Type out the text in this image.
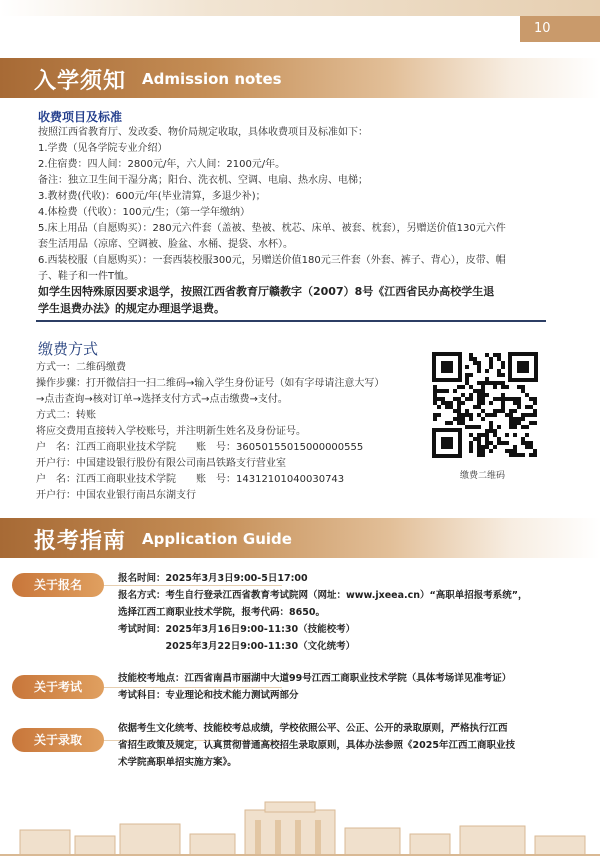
10
入学须知 Admission notes
收费项目及标准
按照江西省教育厅、发改委、物价局规定收取，具体收费项目及标准如下：
1.学费（见各学院专业介绍）
2.住宿费：四人间：2800元/年，六人间：2100元/年。
备注：独立卫生间干湿分离；阳台、洗衣机、空调、电扇、热水房、电梯；
3.教材费(代收)：600元/年(毕业清算，多退少补)；
4.体检费（代收）：100元/生；（第一学年缴纳）
5.床上用品（自愿购买）：280元六件套（盖被、垫被、枕芯、床单、被套、枕套），另赠送价值130元六件
套生活用品（凉席、空调被、脸盆、水桶、提袋、水杯）。
6.西装校服（自愿购买）：一套西装校服300元，另赠送价值180元三件套（外套、裤子、背心），皮带、帽
子、鞋子和一件T恤。
如学生因特殊原因要求退学，按照江西省教育厅赣教字（2007）8号《江西省民办高校学生退
学生退费办法》的规定办理退学退费。
缴费方式
方式一：二维码缴费
操作步骤：打开微信扫一扫二维码→输入学生身份证号（如有字母请注意大写）
→点击查询→核对订单→选择支付方式→点击缴费→支付。
方式二：转账
将应交费用直接转入学校账号，并注明新生姓名及身份证号。
户　名：江西工商职业技术学院　　账　号：36050155015000000555
开户行：中国建设银行股份有限公司南昌铁路支行营业室
户　名：江西工商职业技术学院　　账　号：14312101040030743
开户行：中国农业银行南昌东湖支行
缴费二维码
报考指南 Application Guide
关于报名	报名时间：2025年3月3日9:00-5日17:00
报名方式：考生自行登录江西省教育考试院网（网址：www.jxeea.cn）“高职单招报考系统”，
选择江西工商职业技术学院，报考代码：8650。
考试时间：2025年3月16日9:00-11:30（技能校考）
　　　　　2025年3月22日9:00-11:30（文化统考）
关于考试
技能校考地点：江西省南昌市丽湖中大道99号江西工商职业技术学院（具体考场详见准考证）
考试科目：专业理论和技术能力测试两部分
关于录取
依据考生文化统考、技能校考总成绩，学校依照公平、公正、公开的录取原则，严格执行江西
省招生政策及规定，认真贯彻普通高校招生录取原则，具体办法参照《2025年江西工商职业技
术学院高职单招实施方案》。
